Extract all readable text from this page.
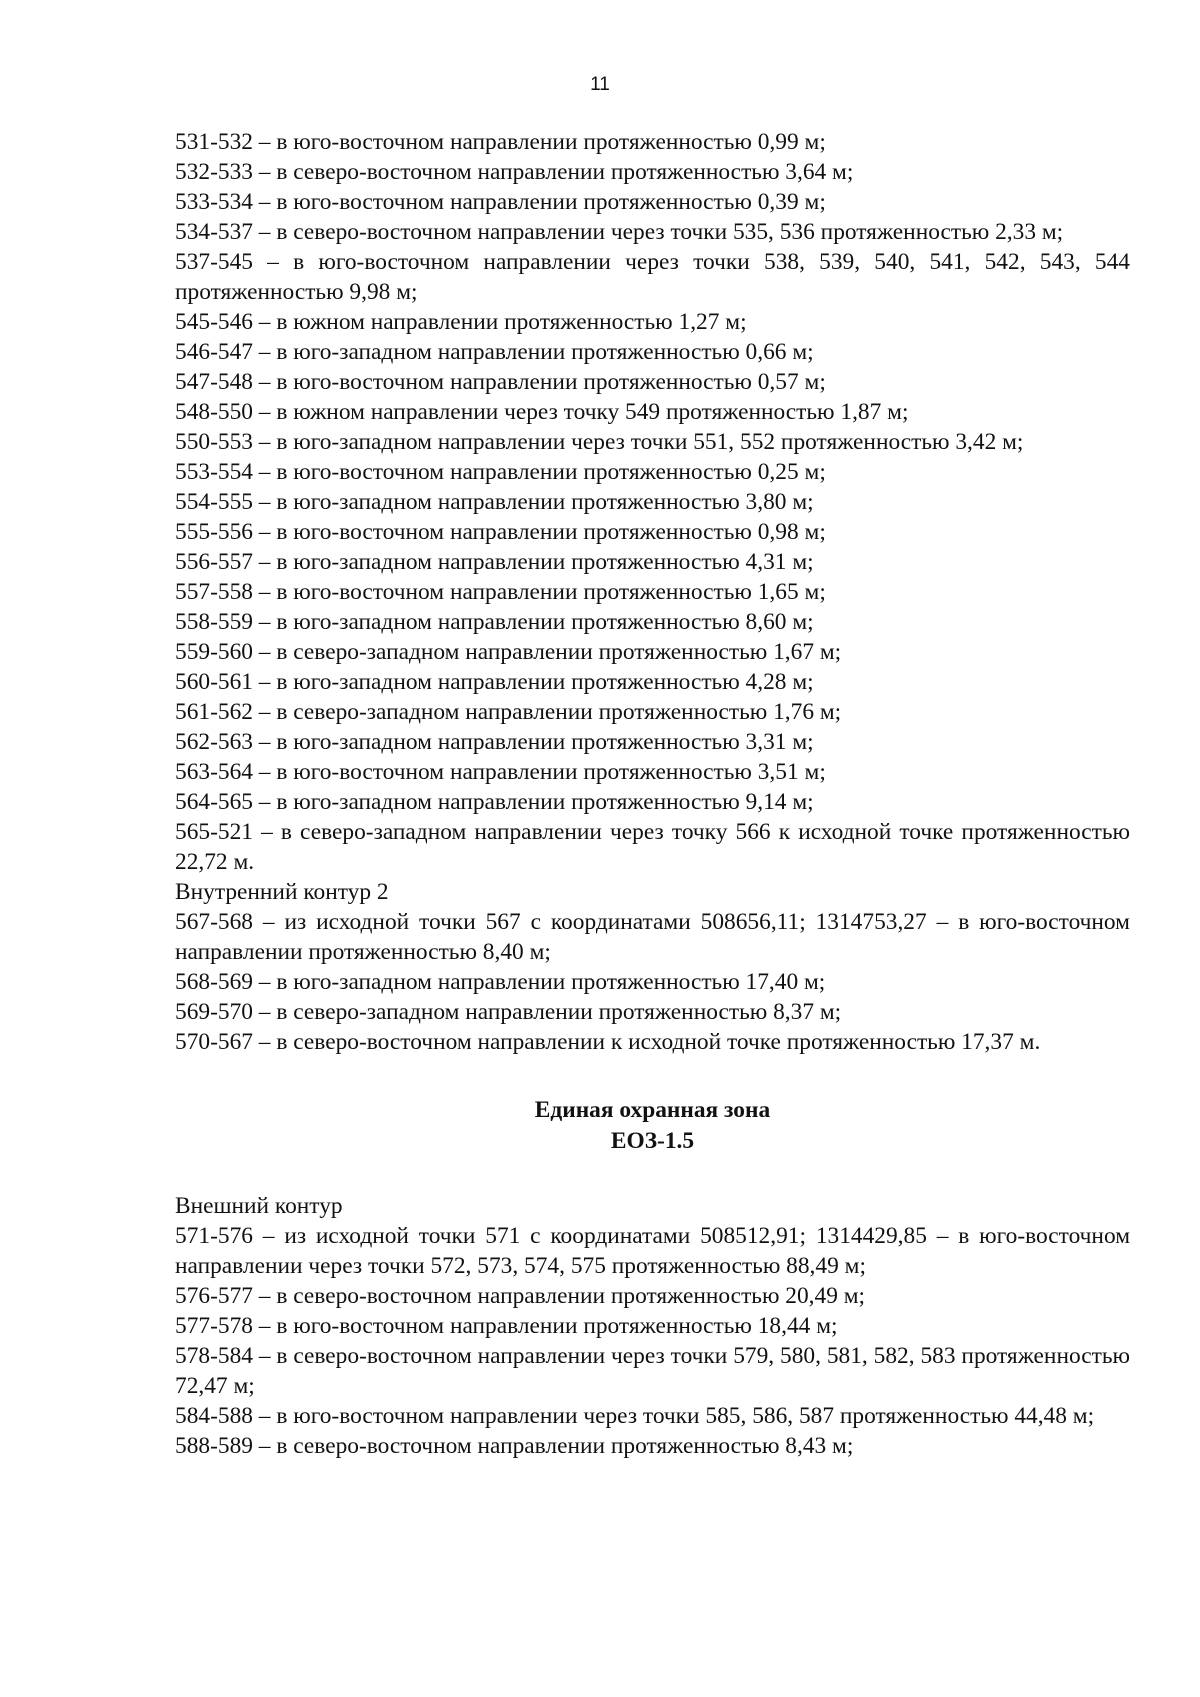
11

531-532 – в юго-восточном направлении протяженностью 0,99 м;

532-533 – в северо-восточном направлении протяженностью 3,64 м;

533-534 – в юго-восточном направлении протяженностью 0,39 м;

534-537 – в северо-восточном направлении через точки 535, 536 протяженностью 2,33 м;

537-545 – в юго-восточном направлении через точки 538, 539, 540, 541, 542, 543, 544 протяженностью 9,98 м;

545-546 – в южном направлении протяженностью 1,27 м;

546-547 – в юго-западном направлении протяженностью 0,66 м;

547-548 – в юго-восточном направлении протяженностью 0,57 м;

548-550 – в южном направлении через точку 549 протяженностью 1,87 м;

550-553 – в юго-западном направлении через точки 551, 552 протяженностью 3,42 м;

553-554 – в юго-восточном направлении протяженностью 0,25 м;

554-555 – в юго-западном направлении протяженностью 3,80 м;

555-556 – в юго-восточном направлении протяженностью 0,98 м;

556-557 – в юго-западном направлении протяженностью 4,31 м;

557-558 – в юго-восточном направлении протяженностью 1,65 м;

558-559 – в юго-западном направлении протяженностью 8,60 м;

559-560 – в северо-западном направлении протяженностью 1,67 м;

560-561 – в юго-западном направлении протяженностью 4,28 м;

561-562 – в северо-западном направлении протяженностью 1,76 м;

562-563 – в юго-западном направлении протяженностью 3,31 м;

563-564 – в юго-восточном направлении протяженностью 3,51 м;

564-565 – в юго-западном направлении протяженностью 9,14 м;

565-521 – в северо-западном направлении через точку 566 к исходной точке протяженностью 22,72 м.

Внутренний контур 2

567-568 – из исходной точки 567 с координатами 508656,11; 1314753,27 – в юго-восточном направлении протяженностью 8,40 м;

568-569 – в юго-западном направлении протяженностью 17,40 м;

569-570 – в северо-западном направлении протяженностью 8,37 м;

570-567 – в северо-восточном направлении к исходной точке протяженностью 17,37 м.

Единая охранная зона
ЕОЗ-1.5

Внешний контур

571-576 – из исходной точки 571 с координатами 508512,91; 1314429,85 – в юго-восточном направлении через точки 572, 573, 574, 575 протяженностью 88,49 м;

576-577 – в северо-восточном направлении протяженностью 20,49 м;

577-578 – в юго-восточном направлении протяженностью 18,44 м;

578-584 – в северо-восточном направлении через точки 579, 580, 581, 582, 583 протяженностью 72,47 м;

584-588 – в юго-восточном направлении через точки 585, 586, 587 протяженностью 44,48 м;

588-589 – в северо-восточном направлении протяженностью 8,43 м;
